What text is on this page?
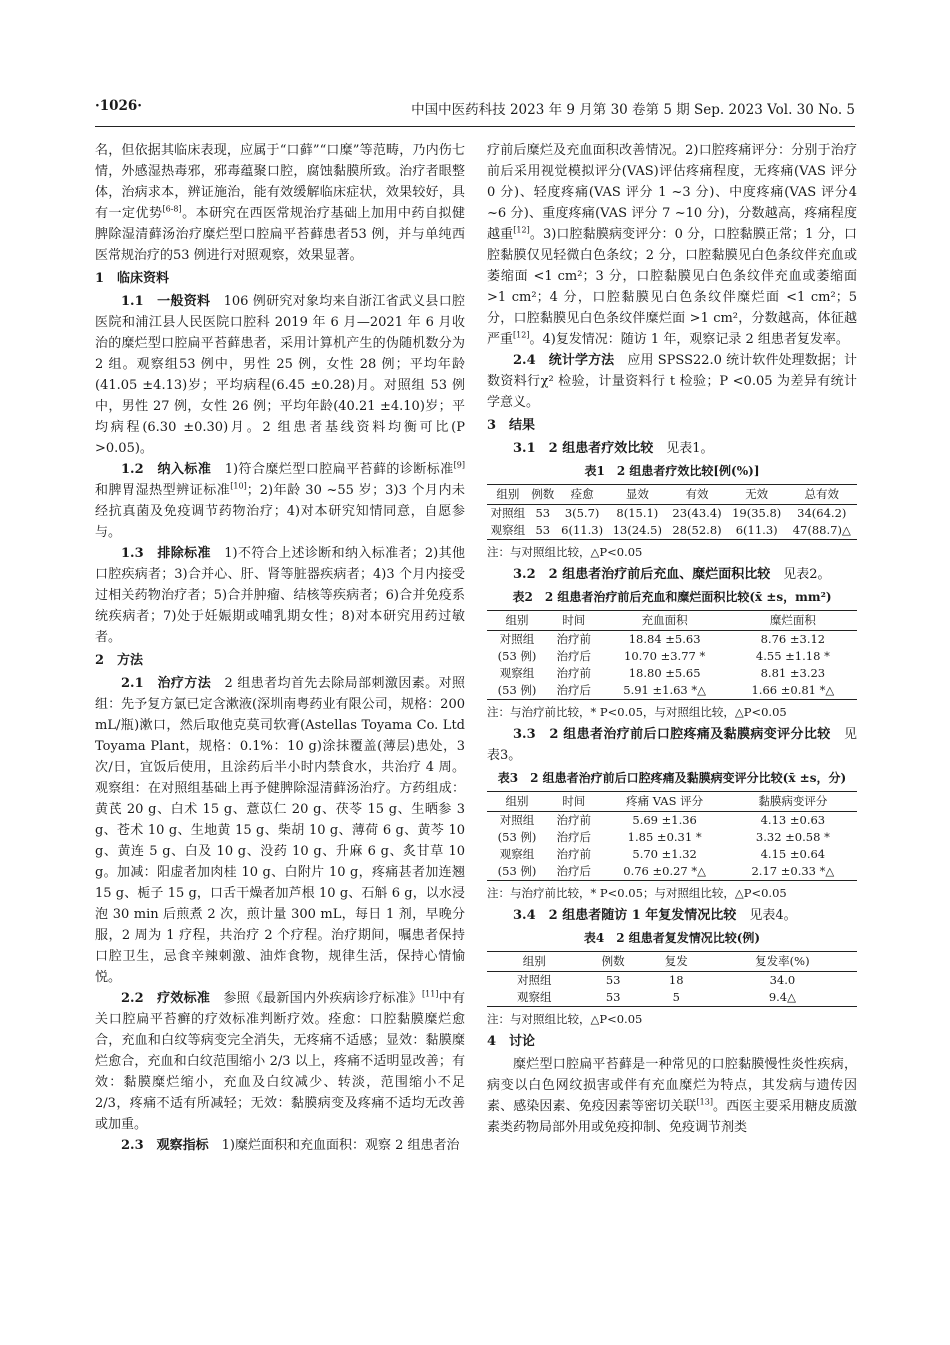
·1026·	中国中医药科技 2023 年 9 月第 30 卷第 5 期 Sep. 2023 Vol. 30 No. 5

名，但依据其临床表现，应属于“口藓”“口糜”等范畴，乃内伤七情，外感湿热毒邪，邪毒蕴聚口腔，腐蚀黏膜所致。治疗者眼整体，治病求本，辨证施治，能有效缓解临床症状，效果较好，具有一定优势[6-8]。本研究在西医常规治疗基础上加用中药自拟健脾除湿清藓汤治疗糜烂型口腔扁平苔藓患者53 例，并与单纯西医常规治疗的53 例进行对照观察，效果显著。

1　临床资料

1.1　一般资料　 106 例研究对象均来自浙江省武义县口腔医院和浦江县人民医院口腔科 2019 年 6 月—2021 年 6 月收治的糜烂型口腔扁平苔藓患者，采用计算机产生的伪随机数分为 2 组。观察组53 例中，男性 25 例，女性 28 例；平均年龄(41.05 ±4.13)岁；平均病程(6.45 ±0.28)月。对照组 53 例中，男性 27 例，女性 26 例；平均年龄(40.21 ±4.10)岁；平均病程(6.30 ±0.30)月。2 组患者基线资料均衡可比(P >0.05)。

1.2　纳入标准　 1)符合糜烂型口腔扁平苔藓的诊断标准[9]和脾胃湿热型辨证标准[10]；2)年龄 30 ~55 岁；3)3 个月内未经抗真菌及免疫调节药物治疗；4)对本研究知情同意，自愿参与。

1.3　排除标准　 1)不符合上述诊断和纳入标准者；2)其他口腔疾病者；3)合并心、肝、肾等脏器疾病者；4)3 个月内接受过相关药物治疗者；5)合并肿瘤、结核等疾病者；6)合并免疫系统疾病者；7)处于妊娠期或哺乳期女性；8)对本研究用药过敏者。

2　方法

2.1　治疗方法　 2 组患者均首先去除局部刺激因素。对照组：先予复方氯已定含漱液(深圳南粤药业有限公司，规格：200 mL/瓶)漱口，然后取他克莫司软膏(Astellas Toyama Co. Ltd Toyama Plant，规格：0.1%：10 g)涂抹覆盖(薄层)患处，3 次/日，宜饭后使用，且涂药后半小时内禁食水，共治疗 4 周。观察组：在对照组基础上再予健脾除湿清藓汤治疗。方药组成：黄芪 20 g、白术 15 g、薏苡仁 20 g、茯苓 15 g、生晒参 3 g、苍术 10 g、生地黄 15 g、柴胡 10 g、薄荷 6 g、黄芩 10 g、黄连 5 g、白及 10 g、没药 10 g、升麻 6 g、炙甘草 10 g。加减：阳虚者加肉桂 10 g、白附片 10 g，疼痛甚者加连翘 15 g、栀子 15 g，口舌干燥者加芦根 10 g、石斛 6 g，以水浸泡 30 min 后煎煮 2 次，煎计量 300 mL，每日 1 剂，早晚分服，2 周为 1 疗程，共治疗 2 个疗程。治疗期间，嘱患者保持口腔卫生，忌食辛辣刺激、油炸食物，规律生活，保持心情愉悦。

2.2　疗效标准　 参照《最新国内外疾病诊疗标准》[11]中有关口腔扁平苔癣的疗效标准判断疗效。痊愈：口腔黏膜糜烂愈合，充血和白纹等病变完全消失，无疼痛不适感；显效：黏膜糜烂愈合，充血和白纹范围缩小 2/3 以上，疼痛不适明显改善；有效：黏膜糜烂缩小，充血及白纹减少、转淡，范围缩小不足 2/3，疼痛不适有所减轻；无效：黏膜病变及疼痛不适均无改善或加重。

2.3　观察指标　 1)糜烂面积和充血面积：观察 2 组患者治

疗前后糜烂及充血面积改善情况。2)口腔疼痛评分：分别于治疗前后采用视觉模拟评分(VAS)评估疼痛程度，无疼痛(VAS 评分 0 分)、轻度疼痛(VAS 评分 1 ~3 分)、中度疼痛(VAS 评分4 ~6 分)、重度疼痛(VAS 评分 7 ~10 分)，分数越高，疼痛程度越重[12]。3)口腔黏膜病变评分：0 分，口腔黏膜正常；1 分，口腔黏膜仅见轻微白色条纹；2 分，口腔黏膜见白色条纹伴充血或萎缩面 <1 cm²；3 分，口腔黏膜见白色条纹伴充血或萎缩面 >1 cm²；4 分，口腔黏膜见白色条纹伴糜烂面 <1 cm²；5 分，口腔黏膜见白色条纹伴糜烂面 >1 cm²，分数越高，体征越严重[12]。4)复发情况：随访 1 年，观察记录 2 组患者复发率。

2.4　统计学方法　 应用 SPSS22.0 统计软件处理数据；计数资料行χ² 检验，计量资料行 t 检验；P <0.05 为差异有统计学意义。

3　结果

3.1　2 组患者疗效比较　 见表1。

表1　2 组患者疗效比较[例(%)]
组别	例数	痊愈	显效	有效	无效	总有效
对照组	53	3(5.7)	8(15.1)	23(43.4)	19(35.8)	34(64.2)
观察组	53	6(11.3)	13(24.5)	28(52.8)	6(11.3)	47(88.7)△
注：与对照组比较，△P<0.05

3.2　2 组患者治疗前后充血、糜烂面积比较　 见表2。

表2　2 组患者治疗前后充血和糜烂面积比较(x̄ ±s，mm²)
组别	时间	充血面积	糜烂面积
对照组	治疗前	18.84 ±5.63	8.76 ±3.12
(53 例)	治疗后	10.70 ±3.77 *	4.55 ±1.18 *
观察组	治疗前	18.80 ±5.65	8.81 ±3.23
(53 例)	治疗后	5.91 ±1.63 *△	1.66 ±0.81 *△
注：与治疗前比较，* P<0.05，与对照组比较，△P<0.05

3.3　2 组患者治疗前后口腔疼痛及黏膜病变评分比较　 见表3。

表3　2 组患者治疗前后口腔疼痛及黏膜病变评分比较(x̄ ±s，分)
组别	时间	疼痛 VAS 评分	黏膜病变评分
对照组	治疗前	5.69 ±1.36	4.13 ±0.63
(53 例)	治疗后	1.85 ±0.31 *	3.32 ±0.58 *
观察组	治疗前	5.70 ±1.32	4.15 ±0.64
(53 例)	治疗后	0.76 ±0.27 *△	2.17 ±0.33 *△
注：与治疗前比较，* P<0.05；与对照组比较，△P<0.05

3.4　2 组患者随访 1 年复发情况比较　 见表4。

表4　2 组患者复发情况比较(例)
组别	例数	复发	复发率(%)
对照组	53	18	34.0
观察组	53	5	9.4△
注：与对照组比较，△P<0.05

4　讨论

糜烂型口腔扁平苔藓是一种常见的口腔黏膜慢性炎性疾病，病变以白色网纹损害或伴有充血糜烂为特点，其发病与遗传因素、感染因素、免疫因素等密切关联[13]。西医主要采用糖皮质激素类药物局部外用或免疫抑制、免疫调节剂类
